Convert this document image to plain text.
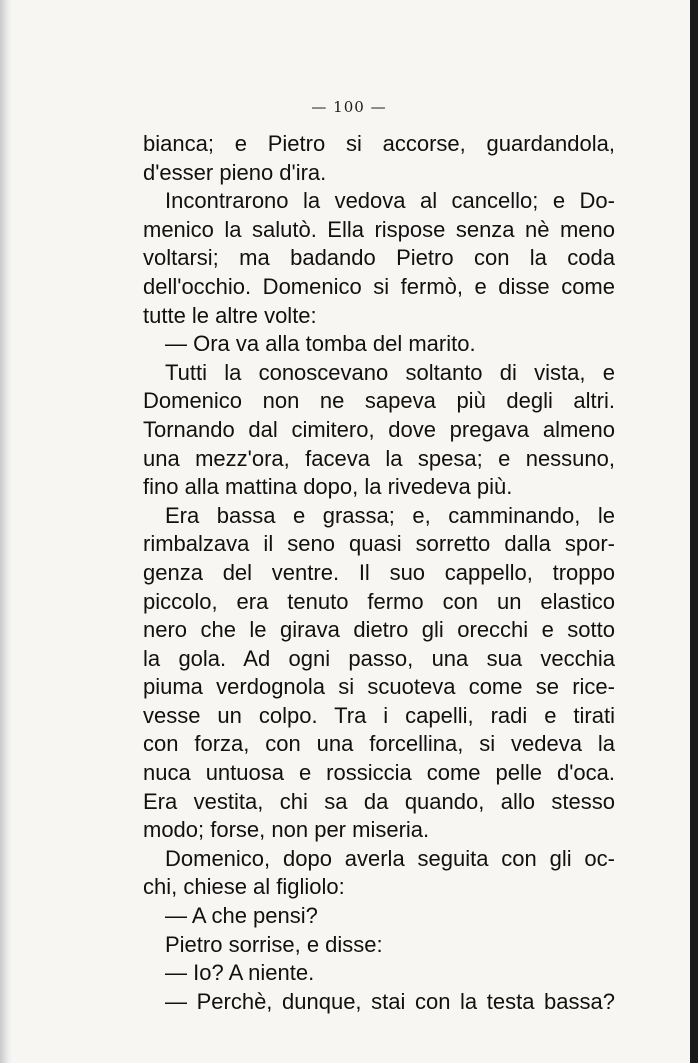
— 100 —
bianca; e Pietro si accorse, guardandola,
d'esser pieno d'ira.
Incontrarono la vedova al cancello; e Do-
menico la salutò. Ella rispose senza nè meno
voltarsi; ma badando Pietro con la coda
dell'occhio. Domenico si fermò, e disse come
tutte le altre volte:
— Ora va alla tomba del marito.
Tutti la conoscevano soltanto di vista, e
Domenico non ne sapeva più degli altri.
Tornando dal cimitero, dove pregava almeno
una mezz'ora, faceva la spesa; e nessuno,
fino alla mattina dopo, la rivedeva più.
Era bassa e grassa; e, camminando, le
rimbalzava il seno quasi sorretto dalla spor-
genza del ventre. Il suo cappello, troppo
piccolo, era tenuto fermo con un elastico
nero che le girava dietro gli orecchi e sotto
la gola. Ad ogni passo, una sua vecchia
piuma verdognola si scuoteva come se rice-
vesse un colpo. Tra i capelli, radi e tirati
con forza, con una forcellina, si vedeva la
nuca untuosa e rossiccia come pelle d'oca.
Era vestita, chi sa da quando, allo stesso
modo; forse, non per miseria.
Domenico, dopo averla seguita con gli oc-
chi, chiese al figliolo:
— A che pensi?
Pietro sorrise, e disse:
— Io? A niente.
— Perchè, dunque, stai con la testa bassa?
